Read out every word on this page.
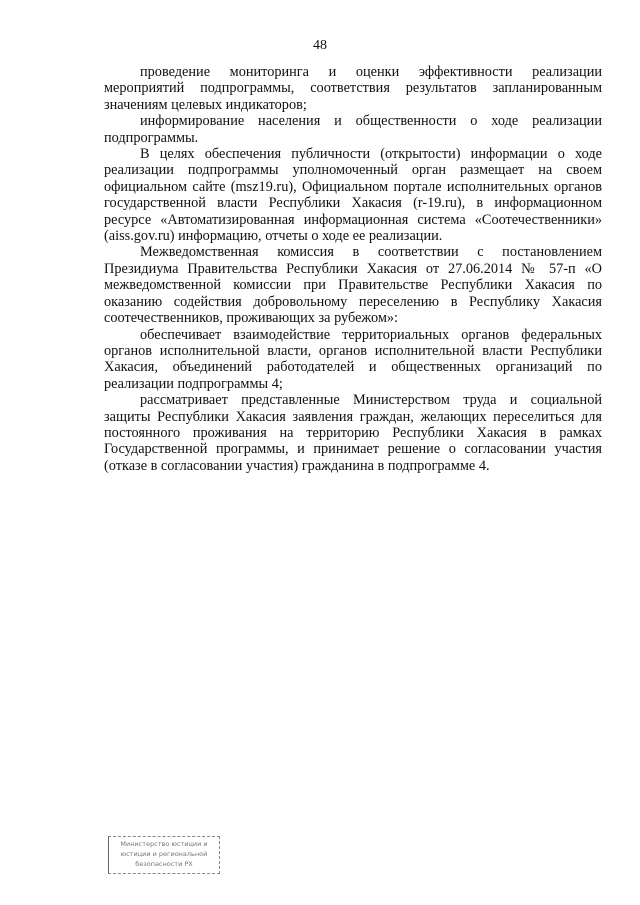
48

проведение мониторинга и оценки эффективности реализации мероприятий подпрограммы, соответствия результатов запланированным значениям целевых индикаторов;

информирование населения и общественности о ходе реализации подпрограммы.

В целях обеспечения публичности (открытости) информации о ходе реализации подпрограммы уполномоченный орган размещает на своем официальном сайте (msz19.ru), Официальном портале исполнительных органов государственной власти Республики Хакасия (r-19.ru), в информационном ресурсе «Автоматизированная информационная система «Соотечественники» (aiss.gov.ru) информацию, отчеты о ходе ее реализации.

Межведомственная комиссия в соответствии с постановлением Президиума Правительства Республики Хакасия от 27.06.2014 № 57-п «О межведомственной комиссии при Правительстве Республики Хакасия по оказанию содействия добровольному переселению в Республику Хакасия соотечественников, проживающих за рубежом»:

обеспечивает взаимодействие территориальных органов федеральных органов исполнительной власти, органов исполнительной власти Республики Хакасия, объединений работодателей и общественных организаций по реализации подпрограммы 4;

рассматривает представленные Министерством труда и социальной защиты Республики Хакасия заявления граждан, желающих переселиться для постоянного проживания на территорию Республики Хакасия в рамках Государственной программы, и принимает решение о согласовании участия (отказе в согласовании участия) гражданина в подпрограмме 4.

Министерство юстиции и
юстиции и региональной
безопасности РХ
